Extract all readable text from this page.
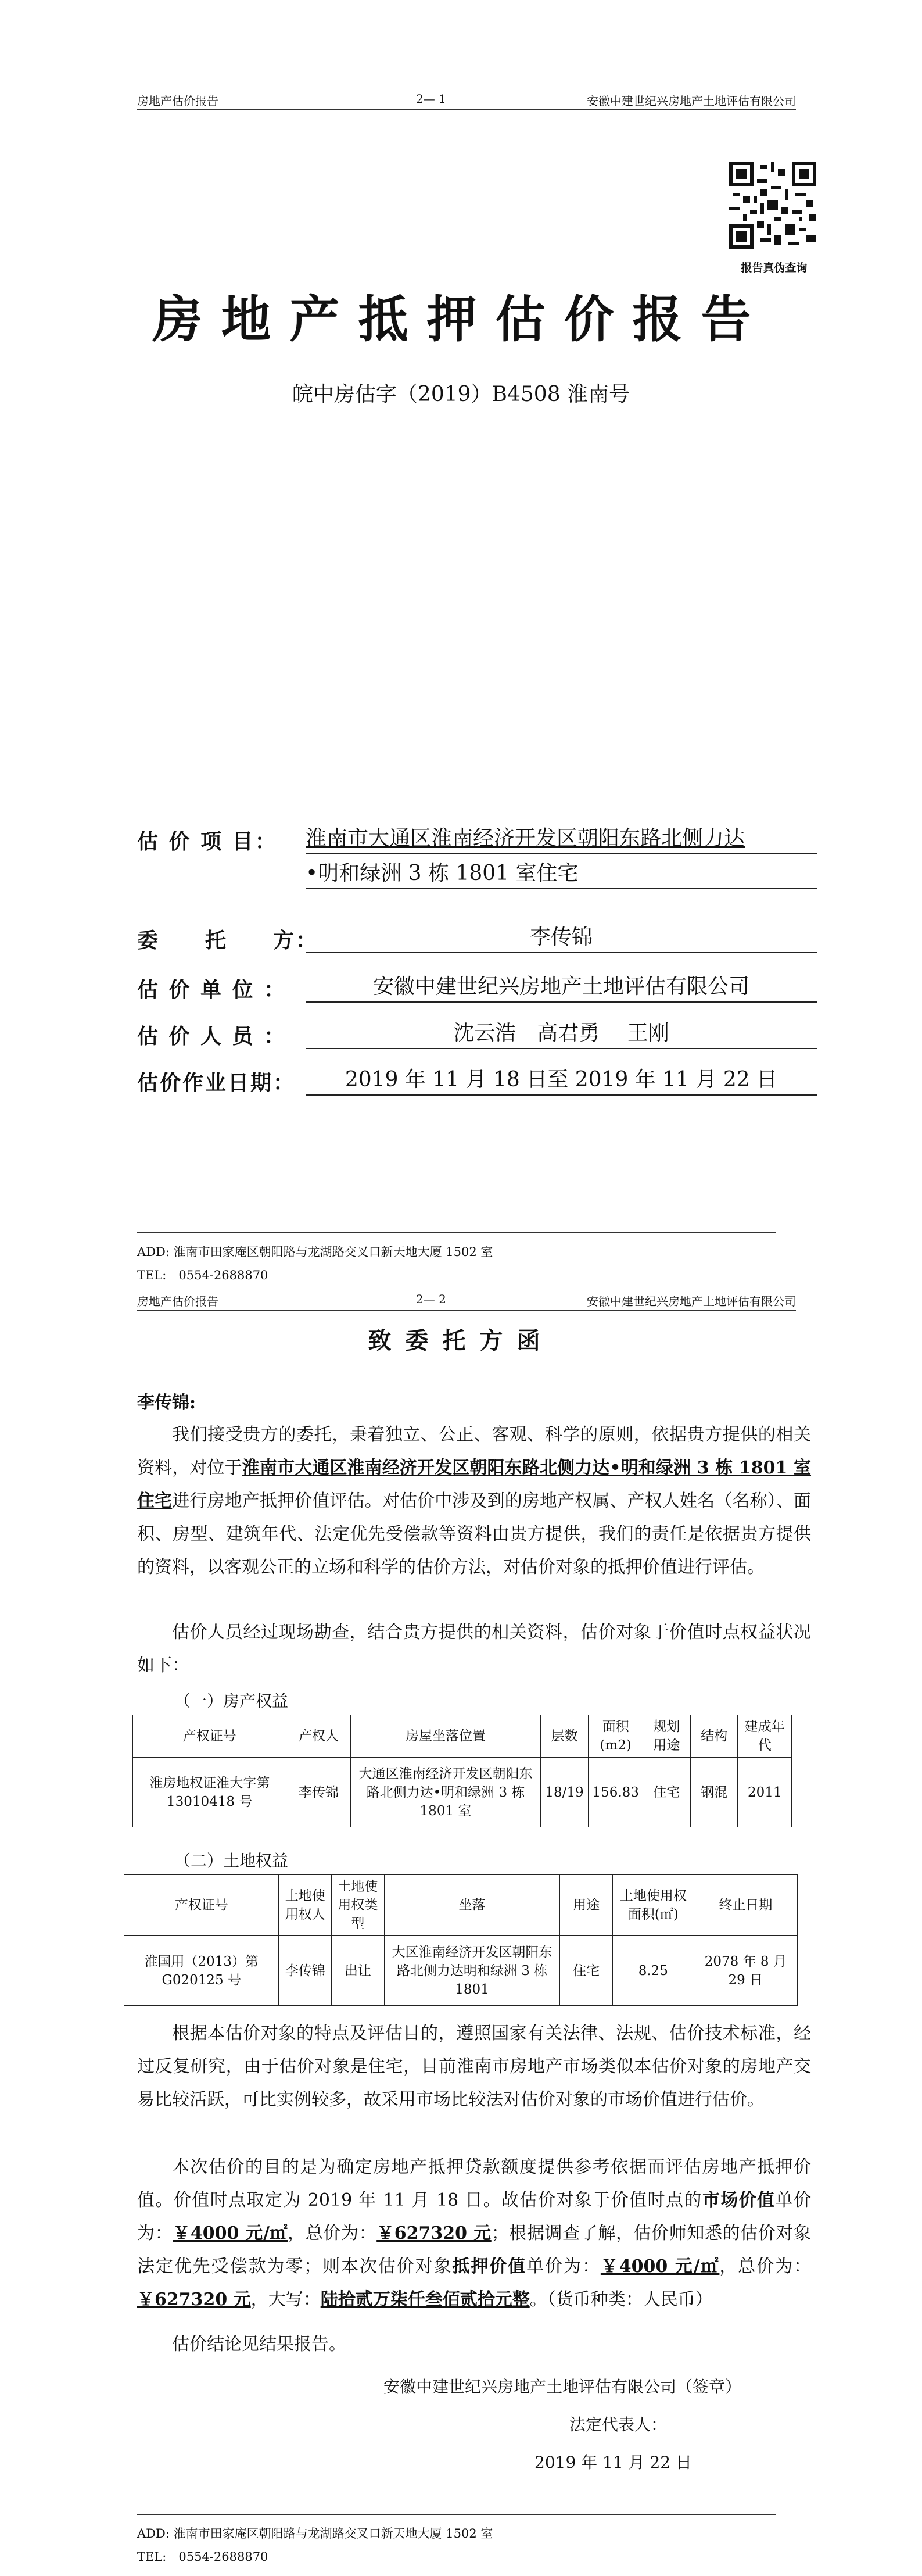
房地产估价报告	2— 1	安徽中建世纪兴房地产土地评估有限公司
报告真伪查询
房地产抵押估价报告
皖中房估字（2019）B4508 淮南号
估 价 项 目： 淮南市大通区淮南经济开发区朝阳东路北侧力达
•明和绿洲 3 栋 1801 室住宅
委　　托　　方：	李传锦
估 价 单 位 ：	安徽中建世纪兴房地产土地评估有限公司
估 价 人 员 ：	沈云浩　高君勇　 王刚
估价作业日期：	2019 年 11 月 18 日至 2019 年 11 月 22 日
ADD: 淮南市田家庵区朝阳路与龙湖路交叉口新天地大厦 1502 室
TEL:　0554-2688870
房地产估价报告	2— 2	安徽中建世纪兴房地产土地评估有限公司
致委托方函
李传锦:

我们接受贵方的委托，秉着独立、公正、客观、科学的原则，依据贵方提供的相关资料，对位于淮南市大通区淮南经济开发区朝阳东路北侧力达•明和绿洲 3 栋 1801 室住宅进行房地产抵押价值评估。对估价中涉及到的房地产权属、产权人姓名（名称）、面积、房型、建筑年代、法定优先受偿款等资料由贵方提供，我们的责任是依据贵方提供的资料，以客观公正的立场和科学的估价方法，对估价对象的抵押价值进行评估。

估价人员经过现场勘查，结合贵方提供的相关资料，估价对象于价值时点权益状况如下：

（一）房产权益
产权证号	产权人	房屋坐落位置	层数	面积(m2)	规划用途	结构	建成年代
淮房地权证淮大字第 13010418 号	李传锦	大通区淮南经济开发区朝阳东路北侧力达•明和绿洲 3 栋 1801 室	18/19	156.83	住宅	钢混	2011
（二）土地权益
产权证号	土地使用权人	土地使用权类型	坐落	用途	土地使用权面积(㎡)	终止日期
淮国用（2013）第 G020125 号	李传锦	出让	大区淮南经济开发区朝阳东路北侧力达明和绿洲 3 栋 1801	住宅	8.25	2078 年 8 月 29 日

根据本估价对象的特点及评估目的，遵照国家有关法律、法规、估价技术标准，经过反复研究，由于估价对象是住宅，目前淮南市房地产市场类似本估价对象的房地产交易比较活跃，可比实例较多，故采用市场比较法对估价对象的市场价值进行估价。

本次估价的目的是为确定房地产抵押贷款额度提供参考依据而评估房地产抵押价值。价值时点取定为 2019 年 11 月 18 日。故估价对象于价值时点的市场价值单价为：￥4000 元/㎡，总价为：￥627320 元；根据调查了解，估价师知悉的估价对象法定优先受偿款为零；则本次估价对象抵押价值单价为：￥4000 元/㎡，总价为：￥627320 元，大写：陆拾贰万柒仟叁佰贰拾元整。（货币种类：人民币）

估价结论见结果报告。

安徽中建世纪兴房地产土地评估有限公司（签章）
法定代表人：
2019 年 11 月 22 日
ADD: 淮南市田家庵区朝阳路与龙湖路交叉口新天地大厦 1502 室
TEL:　0554-2688870
